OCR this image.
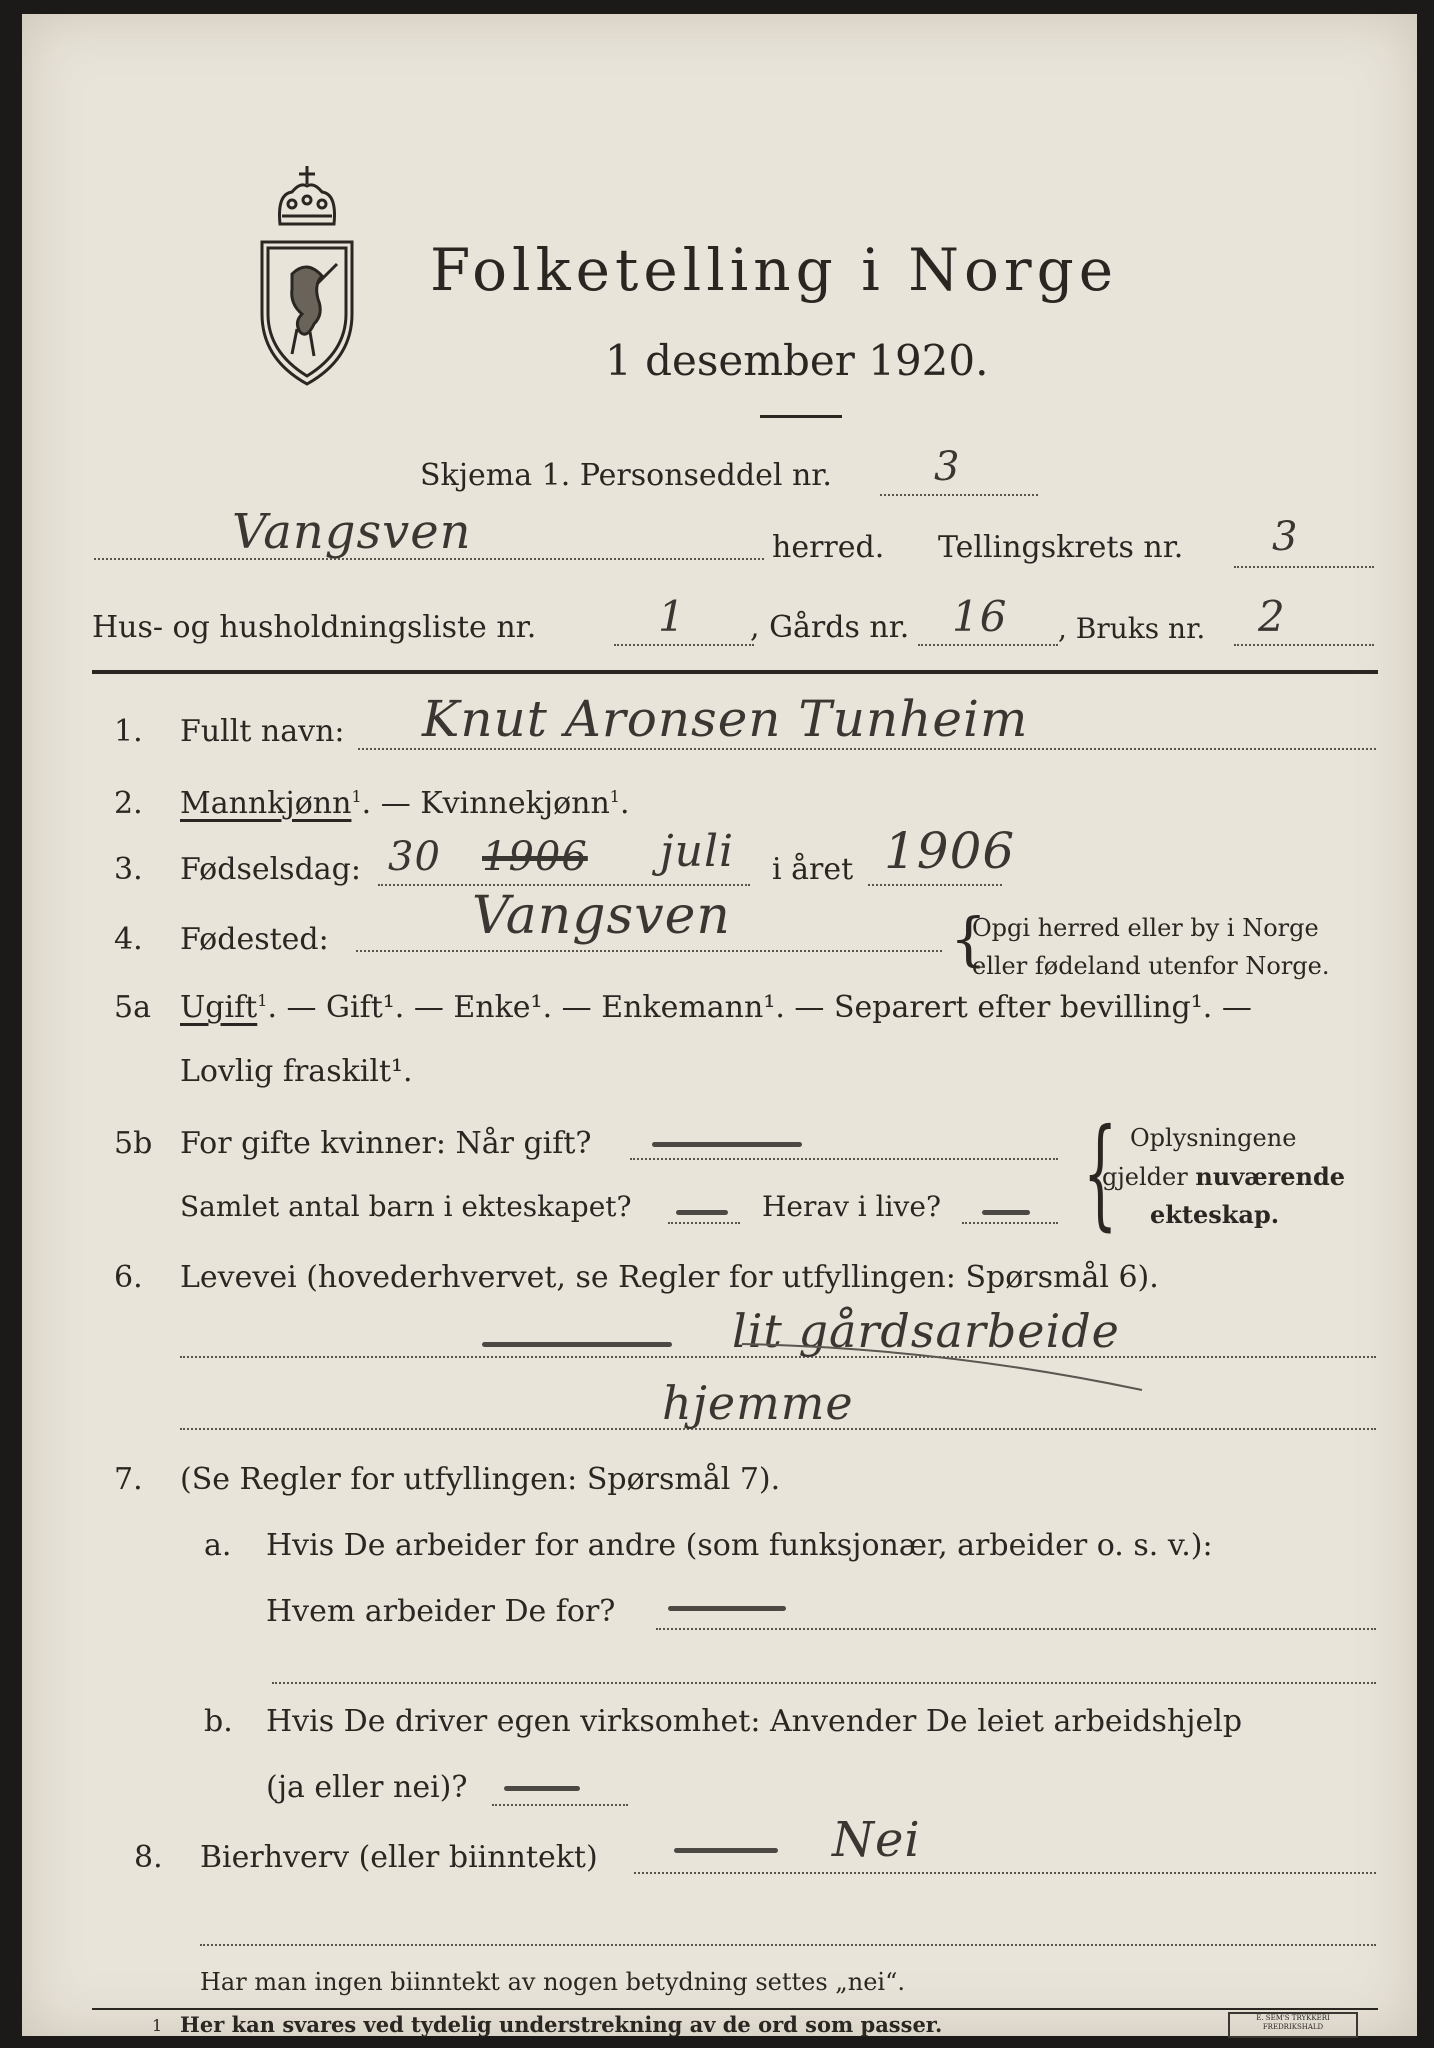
Folketelling i Norge
1 desember 1920.
Skjema 1. Personseddel nr.	3
Vangsven	herred. Tellingskrets nr. 3
Hus- og husholdningsliste nr.	1 , Gårds nr. 16 , Bruks nr. 2
1. Fullt navn: Knut Aronsen Tunheim
2. Mannkjønn$^1$. — Kvinnekjønn$^1$.
3. Fødselsdag: 30 1906 juli i året 1906
4. Fødested:	Vangsven	{
Opgi herred eller by i Norge
eller fødeland utenfor Norge.
5a Ugift$^1$. — Gift¹. — Enke¹. — Enkemann¹. — Separert efter bevilling¹. —
Lovlig fraskilt¹.
5b For gifte kvinner: Når gift?
Samlet antal barn i ekteskapet?	Herav i live? { Oplysningene
gjelder nuværende
ekteskap.
6. Levevei (hovederhvervet, se Regler for utfyllingen: Spørsmål 6).
lit gårdsarbeide
hjemme
7. (Se Regler for utfyllingen: Spørsmål 7).
a. Hvis De arbeider for andre (som funksjonær, arbeider o. s. v.):
Hvem arbeider De for?
b. Hvis De driver egen virksomhet: Anvender De leiet arbeidshjelp
(ja eller nei)?
8. Bierhverv (eller biinntekt)	Nei
Har man ingen biinntekt av nogen betydning settes „nei“.
1 Her kan svares ved tydelig understrekning av de ord som passer.	E. SEM'S TRYKKERI FREDRIKSHALD
